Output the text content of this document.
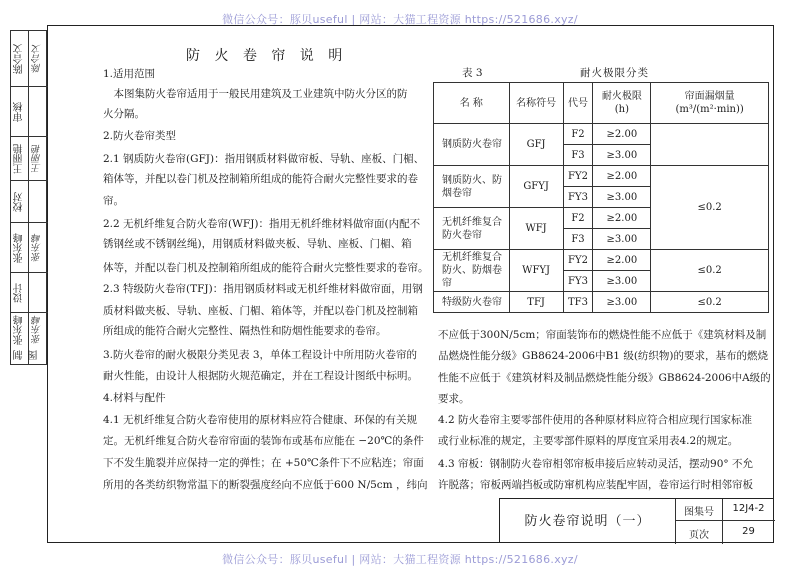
微信公众号：豚贝useful | 网站：大猫工程资源 https://521686.xyz/
微信公众号：豚贝useful | 网站：大猫工程资源 https://521686.xyz/
陈合文 陈合文
审核
王丽艳 王丽艳
校对
张东峰 张东峰
设计
张东峰 张东峰
制图
防 火 卷 帘 说 明
1.适用范围
　本图集防火卷帘适用于一般民用建筑及工业建筑中防火分区的防
火分隔。
2.防火卷帘类型
2.1 钢质防火卷帘(GFJ)：指用钢质材料做帘板、导轨、座板、门楣、
箱体等，并配以卷门机及控制箱所组成的能符合耐火完整性要求的卷
帘。
2.2 无机纤维复合防火卷帘(WFJ)：指用无机纤维材料做帘面(内配不
锈钢丝或不锈钢丝绳)，用钢质材料做夹板、导轨、座板、门楣、箱
体等，并配以卷门机及控制箱所组成的能符合耐火完整性要求的卷帘。
2.3 特级防火卷帘(TFJ)：指用钢质材料或无机纤维材料做帘面，用钢
质材料做夹板、导轨、座板、门楣、箱体等，并配以卷门机及控制箱
所组成的能符合耐火完整性、隔热性和防烟性能要求的卷帘。
3.防火卷帘的耐火极限分类见表 3，单体工程设计中所用防火卷帘的
耐火性能，由设计人根据防火规范确定，并在工程设计图纸中标明。
4.材料与配件
4.1 无机纤维复合防火卷帘使用的原材料应符合健康、环保的有关规
定。无机纤维复合防火卷帘帘面的装饰布或基布应能在 −20℃的条件
下不发生脆裂并应保持一定的弹性；在 +50℃条件下不应粘连；帘面
所用的各类纺织物常温下的断裂强度经向不应低于600 N/5cm ，纬向
表 3	耐火极限分类
名 称	名称符号	代号	耐火极限(h)	帘面漏烟量
(m³/(m²·min))
钢质防火卷帘	GFJ	F2	≥2.00	
		F3	≥3.00	
钢质防火、防烟卷帘	GFYJ	FY2	≥2.00	≤0.2
		FY3	≥3.00	
无机纤维复合防火卷帘	WFJ	F2	≥2.00	
		F3	≥3.00	
无机纤维复合防火、防烟卷帘	WFYJ	FY2	≥2.00	≤0.2
		FY3	≥3.00	
特级防火卷帘	TFJ	TF3	≥3.00	≤0.2
不应低于300N/5cm；帘面装饰布的燃烧性能不应低于《建筑材料及制
品燃烧性能分级》GB8624-2006中B1 级(纺织物)的要求，基布的燃烧
性能不应低于《建筑材料及制品燃烧性能分级》GB8624-2006中A级的
要求。
4.2 防火卷帘主要零部件使用的各种原材料应符合相应现行国家标准
或行业标准的规定，主要零部件原料的厚度宜采用表4.2的规定。
4.3 帘板：钢制防火卷帘相邻帘板串接后应转动灵活，摆动90° 不允
许脱落；帘板两端挡板或防窜机构应装配牢固，卷帘运行时相邻帘板
防火卷帘说明（一）
图集号	12J4-2
页次	29
